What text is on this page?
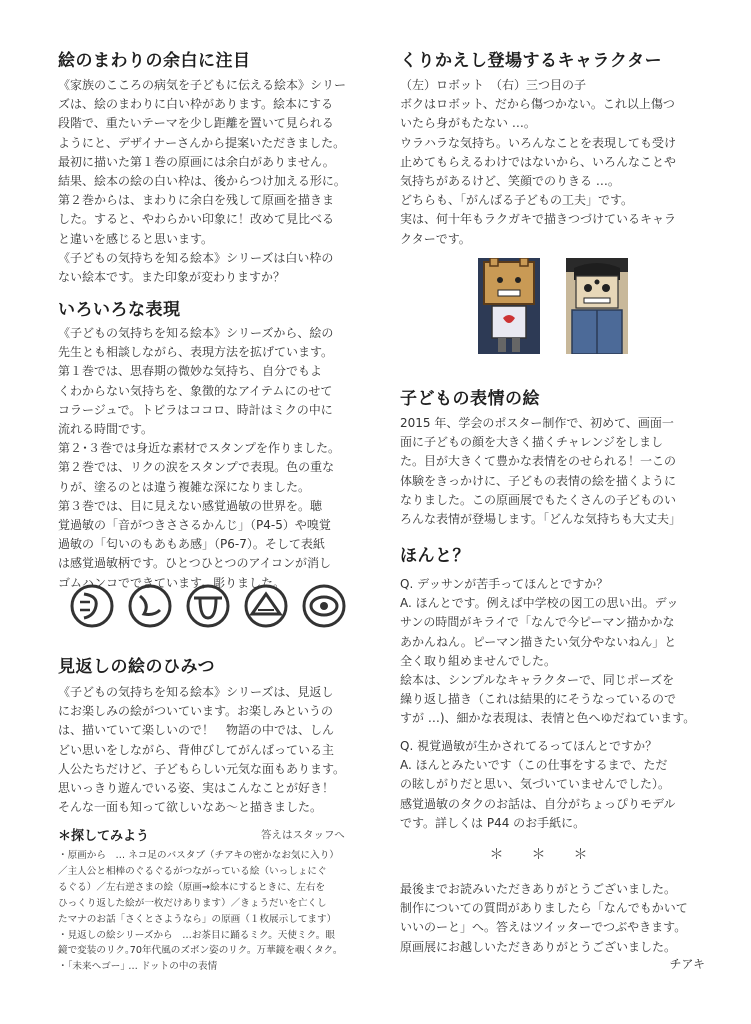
絵のまわりの余白に注目

《家族のこころの病気を子どもに伝える絵本》シリー

ズは、絵のまわりに白い枠があります。絵本にする

段階で、重たいテーマを少し距離を置いて見られる

ようにと、デザイナーさんから提案いただきました。

最初に描いた第１巻の原画には余白がありません。

結果、絵本の絵の白い枠は、後からつけ加える形に。

第２巻からは、まわりに余白を残して原画を描きま

した。すると、やわらかい印象に！改めて見比べる

と違いを感じると思います。

《子どもの気持ちを知る絵本》シリーズは白い枠の

ない絵本です。また印象が変わりますか？

いろいろな表現

《子どもの気持ちを知る絵本》シリーズから、絵の

先生とも相談しながら、表現方法を拡げています。

第１巻では、思春期の微妙な気持ち、自分でもよ

くわからない気持ちを、象徴的なアイテムにのせて

コラージュで。トビラはココロ、時計はミクの中に

流れる時間です。

第２･３巻では身近な素材でスタンプを作りました。

第２巻では、リクの涙をスタンプで表現。色の重な

りが、塗るのとは違う複雑な深になりました。

第３巻では、目に見えない感覚過敏の世界を。聴

覚過敏の「音がつきささるかんじ」（P4-5）や嗅覚

過敏の「匂いのもあもあ感」（P6-7）。そして表紙

は感覚過敏柄です。ひとつひとつのアイコンが消し

ゴムハンコでできています。彫りました。

見返しの絵のひみつ

《子どもの気持ちを知る絵本》シリーズは、見返し

にお楽しみの絵がついています。お楽しみというの

は、描いていて楽しいので！　物語の中では、しん

どい思いをしながら、背伸びしてがんばっている主

人公たちだけど、子どもらしい元気な面もあります。

思いっきり遊んでいる姿、実はこんなことが好き！

そんな一面も知って欲しいなあ〜と描きました。

＊探してみよう	答えはスタッフへ

・原画から　… ネコ足のバスタブ（チアキの密かなお気に入り）

／主人公と相棒のぐるぐるがつながっている絵（いっしょにぐ

るぐる）／左右逆さまの絵（原画→絵本にするときに、左右を

ひっくり返した絵が一枚だけあります）／きょうだいを亡くし

たマナのお話「さくとさようなら」の原画（１枚展示してます）

・見返しの絵シリーズから　…お茶目に踊るミク。天使ミク。眼

鏡で変装のリク｡70年代風のズボン姿のリク。万華鏡を覗くタク。

・｢未来へゴー｣ … ドットの中の表情

くりかえし登場するキャラクター

（左）ロボット　（右）三つ目の子

ボクはロボット、だから傷つかない。これ以上傷つ

いたら身がもたない …。

ウラハラな気持ち。いろんなことを表現しても受け

止めてもらえるわけではないから、いろんなことや

気持ちがあるけど、笑顔でのりきる …。

どちらも、「がんばる子どもの工夫」です。

実は、何十年もラクガキで描きつづけているキャラ

クターです。

子どもの表情の絵

2015 年、学会のポスター制作で、初めて、画面一

面に子どもの顔を大きく描くチャレンジをしまし

た。目が大きくて豊かな表情をのせられる！一この

体験をきっかけに、子どもの表情の絵を描くように

なりました。この原画展でもたくさんの子どものい

ろんな表情が登場します。「どんな気持ちも大丈夫」

ほんと？

Q. デッサンが苦手ってほんとですか？

A. ほんとです。例えば中学校の図工の思い出。デッ

サンの時間がキライで「なんで今ピーマン描かかな

あかんねん。ピーマン描きたい気分やないねん」と

全く取り組めませんでした。

絵本は、シンプルなキャラクターで、同じポーズを

繰り返し描き（これは結果的にそうなっているので

すが …)、細かな表現は、表情と色へゆだねています。

Q. 視覚過敏が生かされてるってほんとですか？

A. ほんとみたいです（この仕事をするまで、ただ

の眩しがりだと思い、気づいていませんでした）。

感覚過敏のタクのお話は、自分がちょっぴりモデル

です。詳しくは P44 のお手紙に。

＊＊＊

最後までお読みいただきありがとうございました。

制作についての質問がありましたら「なんでもかいて

いいのーと」へ。答えはツイッターでつぶやきます。

原画展にお越しいただきありがとうございました。

チアキ
